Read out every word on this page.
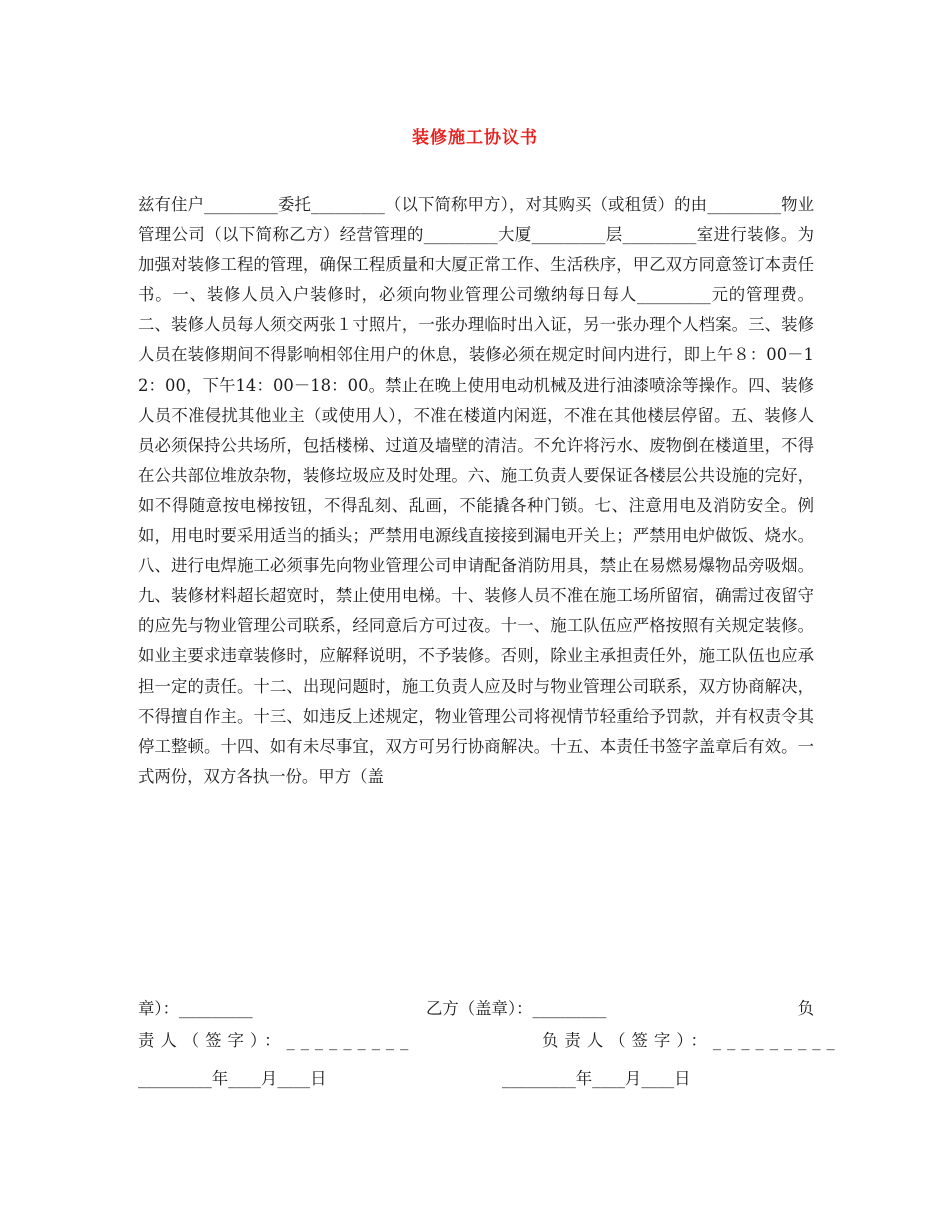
装修施工协议书

兹有住户_________委托_________（以下简称甲方），对其购买（或租赁）的由_________物业管理公司（以下简称乙方）经营管理的_________大厦_________层_________室进行装修。为加强对装修工程的管理，确保工程质量和大厦正常工作、生活秩序，甲乙双方同意签订本责任书。一、装修人员入户装修时，必须向物业管理公司缴纳每日每人_________元的管理费。二、装修人员每人须交两张１寸照片，一张办理临时出入证，另一张办理个人档案。三、装修人员在装修期间不得影响相邻住用户的休息，装修必须在规定时间内进行，即上午８：00－12：00，下午14：00－18：00。禁止在晚上使用电动机械及进行油漆喷涂等操作。四、装修人员不准侵扰其他业主（或使用人），不准在楼道内闲逛，不准在其他楼层停留。五、装修人员必须保持公共场所，包括楼梯、过道及墙壁的清洁。不允许将污水、废物倒在楼道里，不得在公共部位堆放杂物，装修垃圾应及时处理。六、施工负责人要保证各楼层公共设施的完好，如不得随意按电梯按钮，不得乱刻、乱画，不能撬各种门锁。七、注意用电及消防安全。例如，用电时要采用适当的插头；严禁用电源线直接接到漏电开关上；严禁用电炉做饭、烧水。八、进行电焊施工必须事先向物业管理公司申请配备消防用具，禁止在易燃易爆物品旁吸烟。九、装修材料超长超宽时，禁止使用电梯。十、装修人员不准在施工场所留宿，确需过夜留守的应先与物业管理公司联系，经同意后方可过夜。十一、施工队伍应严格按照有关规定装修。如业主要求违章装修时，应解释说明，不予装修。否则，除业主承担责任外，施工队伍也应承担一定的责任。十二、出现问题时，施工负责人应及时与物业管理公司联系，双方协商解决，不得擅自作主。十三、如违反上述规定，物业管理公司将视情节轻重给予罚款，并有权责令其停工整顿。十四、如有未尽事宜，双方可另行协商解决。十五、本责任书签字盖章后有效。一式两份，双方各执一份。甲方（盖

章）：_________	乙方（盖章）：_________	负
责人（签字）：_________	负责人（签字）：_________
_________年____月____日	_________年____月____日
